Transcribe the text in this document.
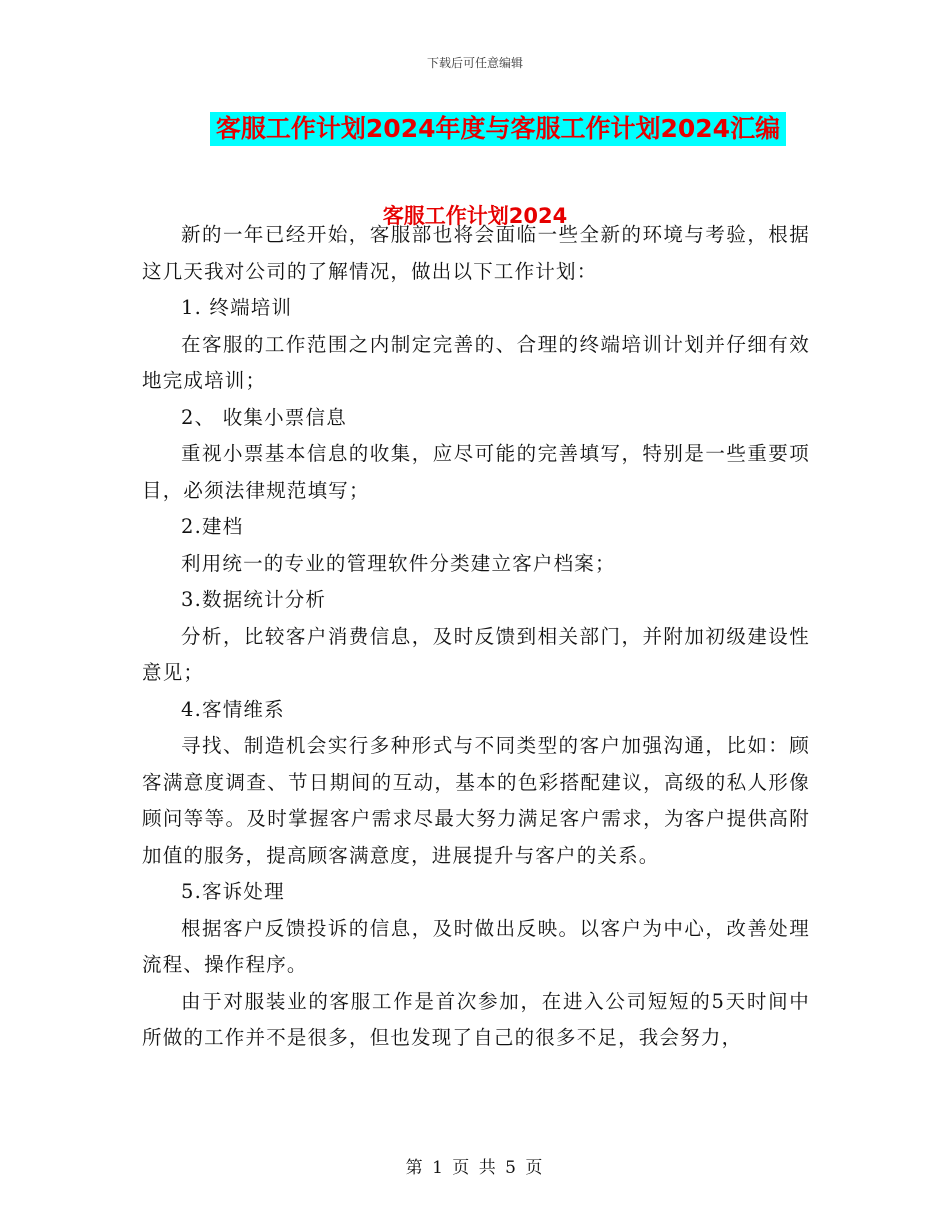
下载后可任意编辑
客服工作计划2024年度与客服工作计划2024汇编
客服工作计划2024

新的一年已经开始，客服部也将会面临一些全新的环境与考验，根据这几天我对公司的了解情况，做出以下工作计划：

1. 终端培训

在客服的工作范围之内制定完善的、合理的终端培训计划并仔细有效地完成培训；

2、 收集小票信息

重视小票基本信息的收集，应尽可能的完善填写，特别是一些重要项目，必须法律规范填写；

2.建档

利用统一的专业的管理软件分类建立客户档案；

3.数据统计分析

分析，比较客户消费信息，及时反馈到相关部门，并附加初级建设性意见；

4.客情维系

寻找、制造机会实行多种形式与不同类型的客户加强沟通，比如：顾客满意度调查、节日期间的互动，基本的色彩搭配建议，高级的私人形像顾问等等。及时掌握客户需求尽最大努力满足客户需求，为客户提供高附加值的服务，提高顾客满意度，进展提升与客户的关系。

5.客诉处理

根据客户反馈投诉的信息，及时做出反映。以客户为中心，改善处理流程、操作程序。

由于对服装业的客服工作是首次参加，在进入公司短短的5天时间中所做的工作并不是很多，但也发现了自己的很多不足，我会努力，

第 1 页 共 5 页
